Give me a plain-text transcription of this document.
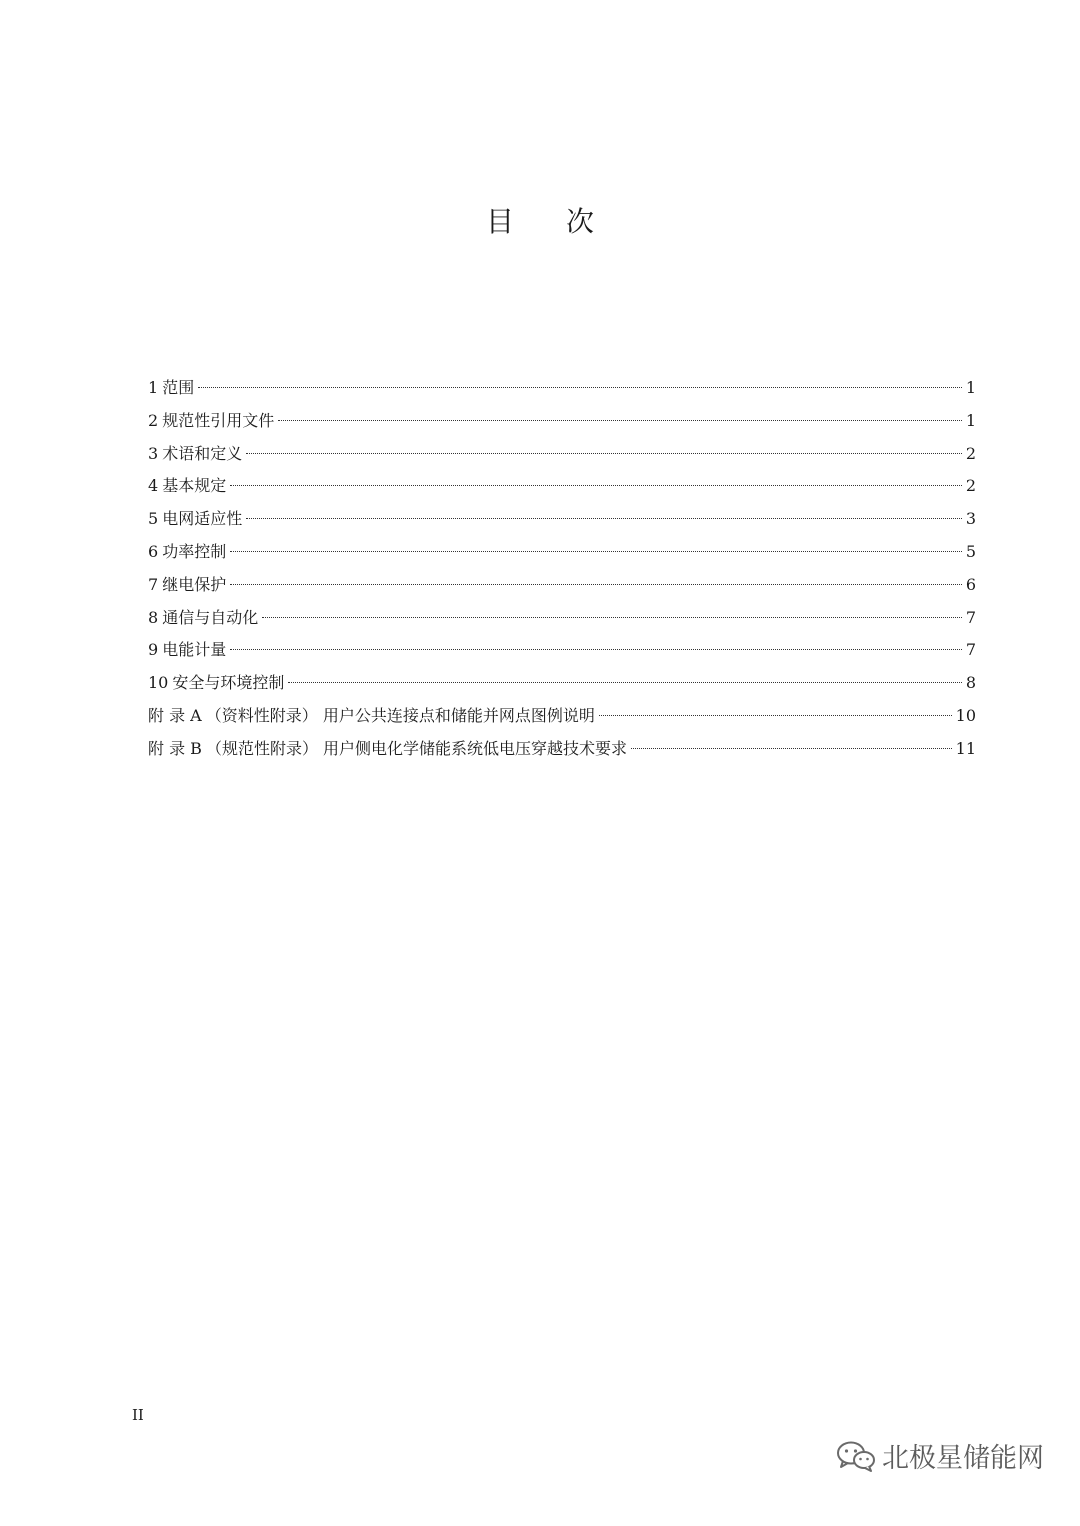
目 次
1 范围	1
2 规范性引用文件	1
3 术语和定义	2
4 基本规定	2
5 电网适应性	3
6 功率控制	5
7 继电保护	6
8 通信与自动化	7
9 电能计量	7
10 安全与环境控制	8
附 录 A （资料性附录） 用户公共连接点和储能并网点图例说明	10
附 录 B （规范性附录） 用户侧电化学储能系统低电压穿越技术要求	11
II
北极星储能网
